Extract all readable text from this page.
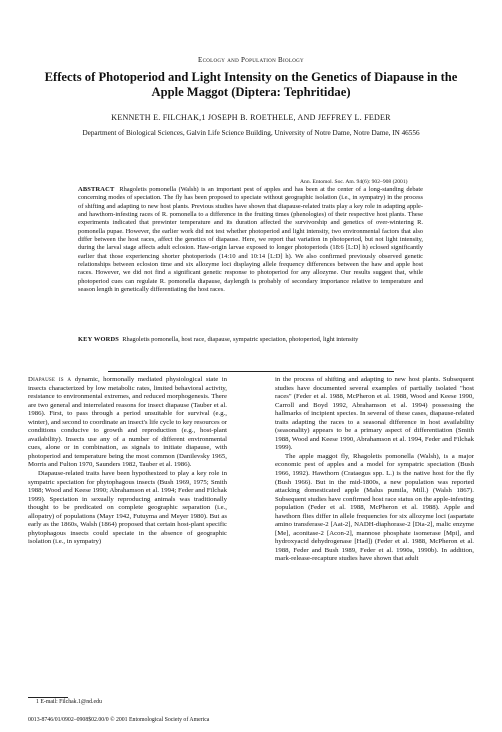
Ecology and Population Biology
Effects of Photoperiod and Light Intensity on the Genetics of Diapause in the Apple Maggot (Diptera: Tephritidae)
KENNETH E. FILCHAK,1 JOSEPH B. ROETHELE, AND JEFFREY L. FEDER
Department of Biological Sciences, Galvin Life Science Building, University of Notre Dame, Notre Dame, IN 46556
Ann. Entomol. Soc. Am. 94(6): 902–908 (2001)

ABSTRACT Rhagoletis pomonella (Walsh) is an important pest of apples and has been at the center of a long-standing debate concerning modes of speciation. The fly has been proposed to speciate without geographic isolation (i.e., in sympatry) in the process of shifting and adapting to new host plants. Previous studies have shown that diapause-related traits play a key role in adapting apple- and hawthorn-infesting races of R. pomonella to a difference in the fruiting times (phenologies) of their respective host plants. These experiments indicated that prewinter temperature and its duration affected the survivorship and genetics of over-wintering R. pomonella pupae. However, the earlier work did not test whether photoperiod and light intensity, two environmental factors that also differ between the host races, affect the genetics of diapause. Here, we report that variation in photoperiod, but not light intensity, during the larval stage affects adult eclosion. Haw-origin larvae exposed to longer photoperiods (18:6 [L:D] h) eclosed significantly earlier that those experiencing shorter photoperiods (14:10 and 10:14 [L:D] h). We also confirmed previously observed genetic relationships between eclosion time and six allozyme loci displaying allele frequency differences between the haw and apple host races. However, we did not find a significant genetic response to photoperiod for any allozyme. Our results suggest that, while photoperiod cues can regulate R. pomonella diapause, daylength is probably of secondary importance relative to temperature and season length in genetically differentiating the host races.

KEY WORDS Rhagoletis pomonella, host race, diapause, sympatric speciation, photoperiod, light intensity

Diapause is a dynamic, hormonally mediated physiological state in insects characterized by low metabolic rates, limited behavioral activity, resistance to environmental extremes, and reduced morphogenesis. There are two general and interrelated reasons for insect diapause (Tauber et al. 1986). First, to pass through a period unsuitable for survival (e.g., winter), and second to coordinate an insect's life cycle to key resources or conditions conducive to growth and reproduction (e.g., host-plant availability). Insects use any of a number of different environmental cues, alone or in combination, as signals to initiate diapause, with photoperiod and temperature being the most common (Danilevsky 1965, Morris and Fulton 1970, Saunders 1982, Tauber et al. 1986).

Diapause-related traits have been hypothesized to play a key role in sympatric speciation for phytophagous insects (Bush 1969, 1975; Smith 1988; Wood and Keese 1990; Abrahamson et al. 1994; Feder and Filchak 1999). Speciation in sexually reproducing animals was traditionally thought to be predicated on complete geographic separation (i.e., allopatry) of populations (Mayr 1942, Futuyma and Meyer 1980). But as early as the 1860s, Walsh (1864) proposed that certain host-plant specific phytophagous insects could speciate in the absence of geographic isolation (i.e., in sympatry)

in the process of shifting and adapting to new host plants. Subsequent studies have documented several examples of partially isolated "host races" (Feder et al. 1988, McPheron et al. 1988, Wood and Keese 1990, Carroll and Boyd 1992, Abrahamson et al. 1994) possessing the hallmarks of incipient species. In several of these cases, diapause-related traits adapting the races to a seasonal difference in host availability (seasonality) appears to be a primary aspect of differentiation (Smith 1988, Wood and Keese 1990, Abrahamson et al. 1994, Feder and Filchak 1999).

The apple maggot fly, Rhagoletis pomonella (Walsh), is a major economic pest of apples and a model for sympatric speciation (Bush 1966, 1992). Hawthorn (Crataegus spp. L.) is the native host for the fly (Bush 1966). But in the mid-1800s, a new population was reported attacking domesticated apple (Malus pumila, Mill.) (Walsh 1867). Subsequent studies have confirmed host race status on the apple-infesting population (Feder et al. 1988, McPheron et al. 1988). Apple and hawthorn flies differ in allele frequencies for six allozyme loci (aspartate amino transferase-2 [Aat-2], NADH-diaphorase-2 [Dia-2], malic enzyme [Me], aconitase-2 [Acon-2], mannose phosphate isomerase [Mpi], and hydroxyacid dehydrogenase [Had]) (Feder et al. 1988, McPheron et al. 1988, Feder and Bush 1989, Feder et al. 1990a, 1990b). In addition, mark-release-recapture studies have shown that adult

1 E-mail: Filchak.1@nd.edu
0013-8746/01/0902–0908$02.00/0 © 2001 Entomological Society of America
